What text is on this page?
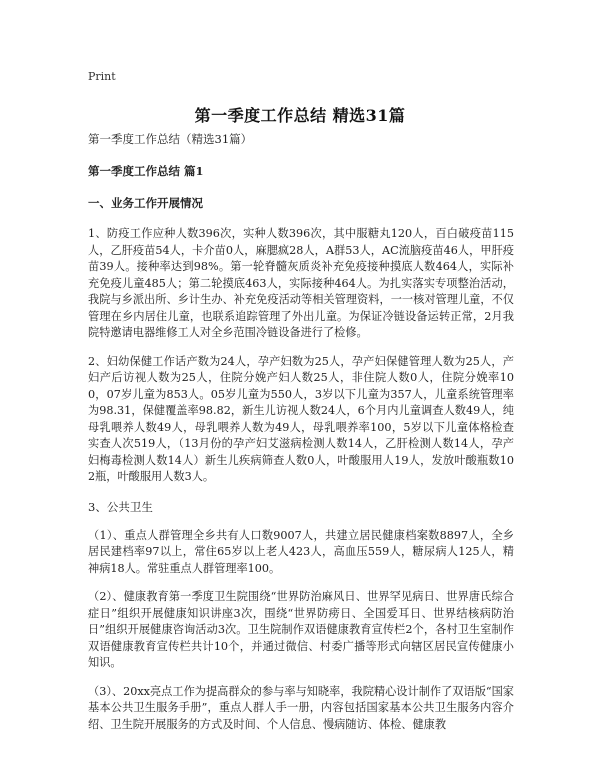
Print
第一季度工作总结 精选31篇

第一季度工作总结（精选31篇）

第一季度工作总结 篇1

一、业务工作开展情况

1、防疫工作应种人数396次，实种人数396次，其中服糖丸120人，百白破疫苗115人，乙肝疫苗54人，卡介苗0人，麻腮疯28人，A群53人，AC流脑疫苗46人，甲肝疫苗39人。接种率达到98%。第一轮脊髓灰质炎补充免疫接种摸底人数464人，实际补充免疫儿童485人；第二轮摸底463人，实际接种464人。为扎实落实专项整治活动，我院与乡派出所、乡计生办、补充免疫活动等相关管理资料，一一核对管理儿童，不仅管理在乡内居住儿童，也联系追踪管理了外出儿童。为保证冷链设备运转正常，2月我院特邀请电器维修工人对全乡范围冷链设备进行了检修。

2、妇幼保健工作话产数为24人，孕产妇数为25人，孕产妇保健管理人数为25人，产妇产后访视人数为25人，住院分娩产妇人数25人，非住院人数0人，住院分娩率100，07岁儿童为853人。05岁儿童为550人，3岁以下儿童为357人，儿童系统管理率为98.31，保健覆盖率98.82，新生儿访视人数24人，6个月内儿童调查人数49人，纯母乳喂养人数49人，母乳喂养人数为49人，母乳喂养率100，5岁以下儿童体格检查实查人次519人，（13月份的孕产妇艾滋病检测人数14人，乙肝检测人数14人，孕产妇梅毒检测人数14人）新生儿疾病筛查人数0人，叶酸服用人19人，发放叶酸瓶数102瓶，叶酸服用人数3人。

3、公共卫生

（1）、重点人群管理全乡共有人口数9007人，共建立居民健康档案数8897人，全乡居民建档率97以上，常住65岁以上老人423人，高血压559人，糖尿病人125人，精神病18人。常驻重点人群管理率100。

（2）、健康教育第一季度卫生院围绕“世界防治麻风日、世界罕见病日、世界唐氏综合症日”组织开展健康知识讲座3次，围绕“世界防痨日、全国爱耳日、世界结核病防治日”组织开展健康咨询活动3次。卫生院制作双语健康教育宣传栏2个，各村卫生室制作双语健康教育宣传栏共计10个，并通过微信、村委广播等形式向辖区居民宣传健康小知识。

（3）、20xx亮点工作为提高群众的参与率与知晓率，我院精心设计制作了双语版“国家基本公共卫生服务手册”，重点人群人手一册，内容包括国家基本公共卫生服务内容介绍、卫生院开展服务的方式及时间、个人信息、慢病随访、体检、健康教
